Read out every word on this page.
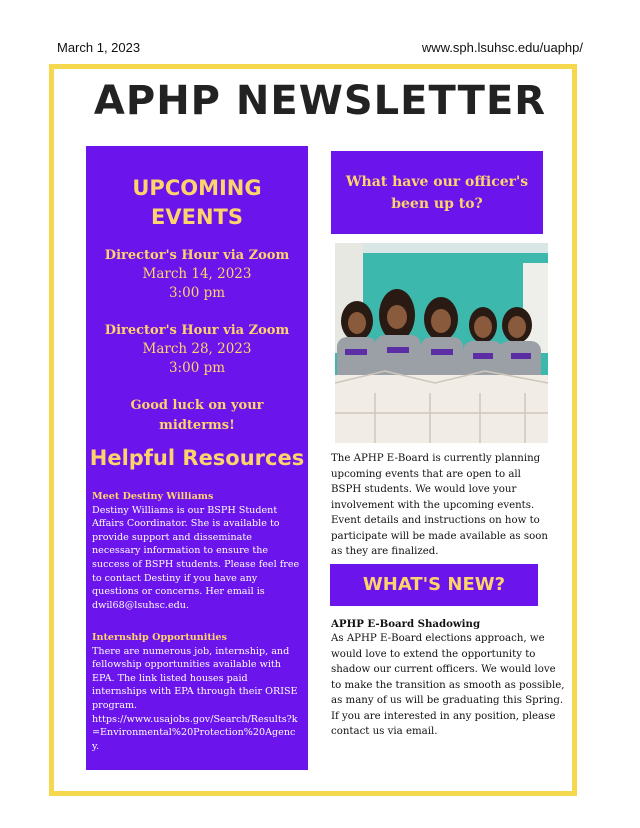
March 1, 2023	www.sph.lsuhsc.edu/uaphp/
APHP NEWSLETTER
UPCOMING
EVENTS
Director's Hour via Zoom
March 14, 2023
3:00 pm
Director's Hour via Zoom
March 28, 2023
3:00 pm
Good luck on your midterms!
Helpful Resources
Meet Destiny Williams
Destiny Williams is our BSPH Student Affairs Coordinator. She is available to provide support and disseminate necessary information to ensure the success of BSPH students. Please feel free to contact Destiny if you have any questions or concerns. Her email is dwil68@lsuhsc.edu.
Internship Opportunities
There are numerous job, internship, and fellowship opportunities available with EPA. The link listed houses paid internships with EPA through their ORISE program.
https://www.usajobs.gov/Search/Results?k=Environmental%20Protection%20Agency.
What have our officer's been up to?
The APHP E-Board is currently planning upcoming events that are open to all BSPH students. We would love your involvement with the upcoming events. Event details and instructions on how to participate will be made available as soon as they are finalized.
WHAT'S NEW?
APHP E-Board Shadowing
As APHP E-Board elections approach, we would love to extend the opportunity to shadow our current officers. We would love to make the transition as smooth as possible, as many of us will be graduating this Spring. If you are interested in any position, please contact us via email.
